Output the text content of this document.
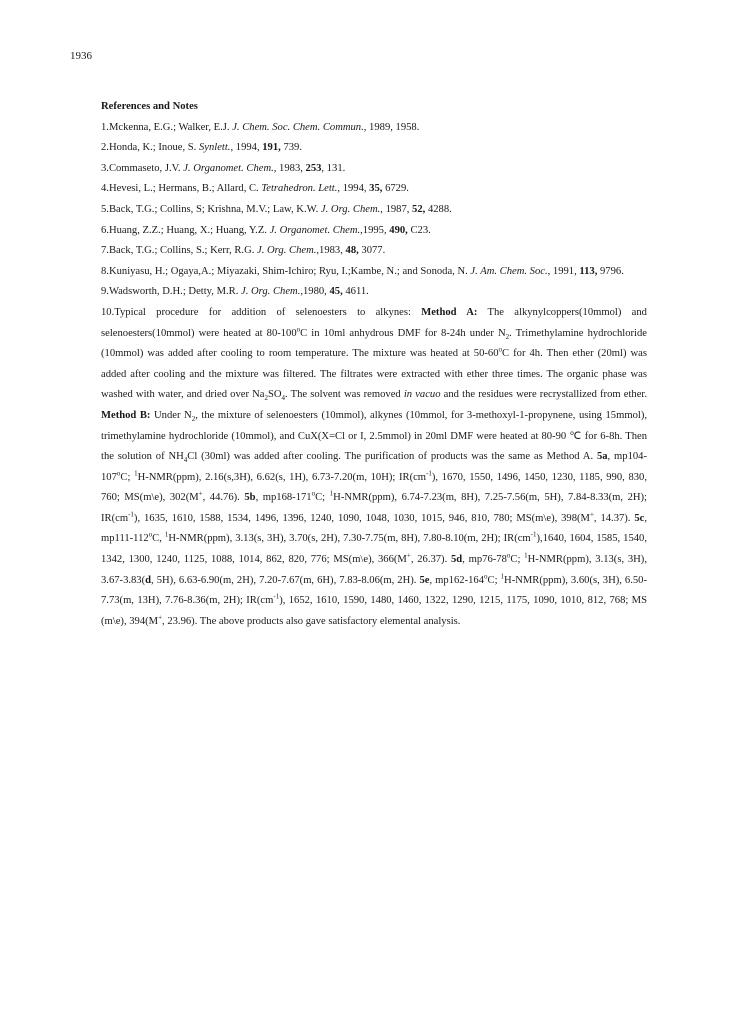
1936
References and Notes
1.Mckenna, E.G.; Walker, E.J. J. Chem. Soc. Chem. Commun., 1989, 1958.
2.Honda, K.; Inoue, S. Synlett., 1994, 191, 739.
3.Commaseto, J.V. J. Organomet. Chem., 1983, 253, 131.
4.Hevesi, L.; Hermans, B.; Allard, C. Tetrahedron. Lett., 1994, 35, 6729.
5.Back, T.G.; Collins, S; Krishna, M.V.; Law, K.W. J. Org. Chem., 1987, 52, 4288.
6.Huang, Z.Z.; Huang, X.; Huang, Y.Z. J. Organomet. Chem.,1995, 490, C23.
7.Back, T.G.; Collins, S.; Kerr, R.G. J. Org. Chem.,1983, 48, 3077.
8.Kuniyasu, H.; Ogaya,A.; Miyazaki, Shim-Ichiro; Ryu, I.;Kambe, N.; and Sonoda, N. J. Am. Chem. Soc., 1991, 113, 9796.
9.Wadsworth, D.H.; Detty, M.R. J. Org. Chem.,1980, 45, 4611.
10.Typical procedure for addition of selenoesters to alkynes: Method A: The alkynylcoppers(10mmol) and selenoesters(10mmol) were heated at 80-100$^o$C in 10ml anhydrous DMF for 8-24h under $N_2$. Trimethylamine hydrochloride (10mmol) was added after cooling to room temperature. The mixture was heated at 50-60$^o$C for 4h. Then ether (20ml) was added after cooling and the mixture was filtered. The filtrates were extracted with ether three times. The organic phase was washed with water, and dried over $Na_2SO_4$. The solvent was removed in vacuo and the residues were recrystallized from ether. Method B: Under $N_2$, the mixture of selenoesters (10mmol), alkynes (10mmol, for 3-methoxyl-1-propynene, using 15mmol), trimethylamine hydrochloride (10mmol), and CuX(X=Cl or I, 2.5mmol) in 20ml DMF were heated at 80-90 ℃ for 6-8h. Then the solution of $NH_4Cl$ (30ml) was added after cooling. The purification of products was the same as Method A. 5a, mp104-107$^o$C; $^1$H-NMR(ppm), 2.16(s,3H), 6.62(s, 1H), 6.73-7.20(m, 10H); $IR(cm^{-1})$, 1670, 1550, 1496, 1450, 1230, 1185, 990, 830, 760; MS(m\e), 302(M+, 44.76). 5b, mp168-171$^o$C; $^1$H-NMR(ppm), 6.74-7.23(m, 8H), 7.25-7.56(m, 5H), 7.84-8.33(m, 2H); $IR(cm^{-1})$, 1635, 1610, 1588, 1534, 1496, 1396, 1240, 1090, 1048, 1030, 1015, 946, 810, 780; MS(m\e), 398(M+, 14.37). 5c, mp111-112$^o$C, $^1$H-NMR(ppm), 3.13(s, 3H), 3.70(s, 2H), 7.30-7.75(m, 8H), 7.80-8.10(m, 2H); $IR(cm^{-1}),1640$, 1604, 1585, 1540, 1342, 1300, 1240, 1125, 1088, 1014, 862, 820, 776; MS(m\e), 366(M+, 26.37). 5d, mp76-78$^o$C; $^1$H-NMR(ppm), 3.13(s, 3H), 3.67-3.83(d, 5H), 6.63-6.90(m, 2H), 7.20-7.67(m, 6H), 7.83-8.06(m, 2H). 5e, mp162-164$^o$C; $^1$H-NMR(ppm), 3.60(s, 3H), 6.50-7.73(m, 13H), 7.76-8.36(m, 2H); $IR(cm^{-1})$, 1652, 1610, 1590, 1480, 1460, 1322, 1290, 1215, 1175, 1090, 1010, 812, 768; MS (m\e), 394(M+, 23.96). The above products also gave satisfactory elemental analysis.
